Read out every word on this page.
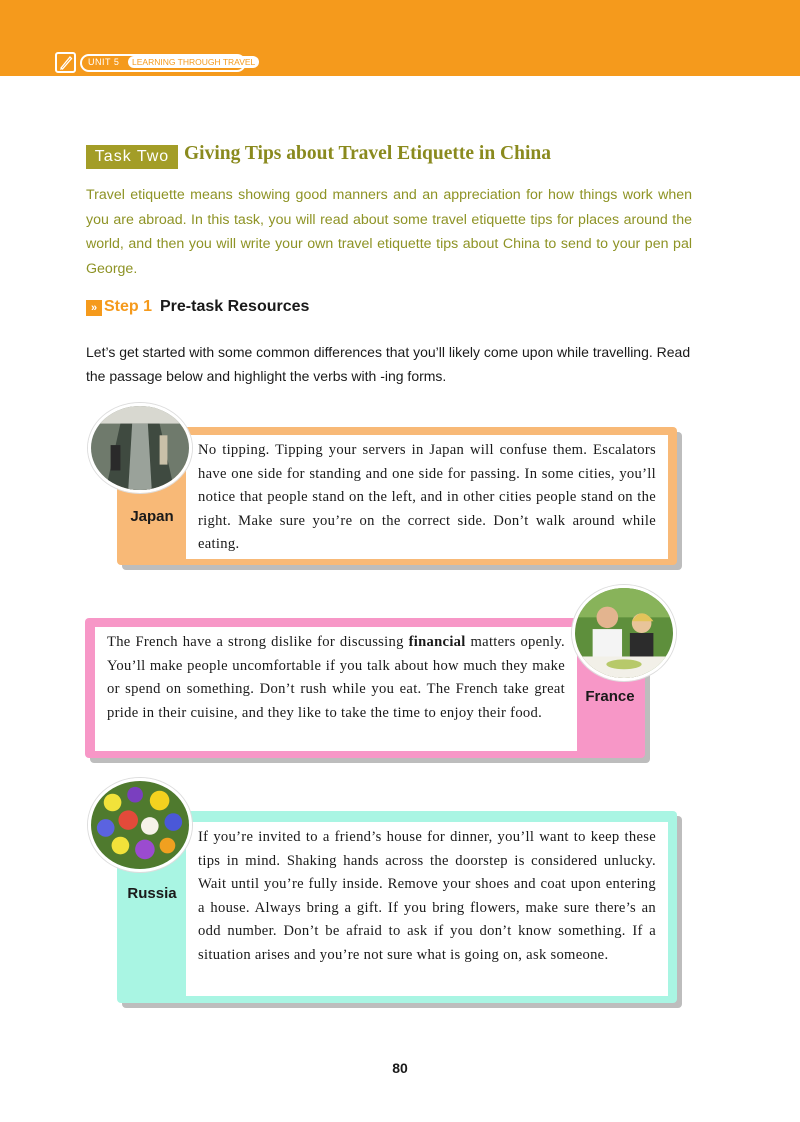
UNIT 5	LEARNING THROUGH TRAVEL
Task Two Giving Tips about Travel Etiquette in China

Travel etiquette means showing good manners and an appreciation for how things work when you are abroad. In this task, you will read about some travel etiquette tips for places around the world, and then you will write your own travel etiquette tips about China to send to your pen pal George.

» Step 1 Pre-task Resources

Let’s get started with some common differences that you’ll likely come upon while travelling. Read the passage below and highlight the verbs with -ing forms.

No tipping. Tipping your servers in Japan will confuse them. Escalators have one side for standing and one side for passing. In some cities, you’ll notice that people stand on the left, and in other cities people stand on the right. Make sure you’re on the correct side. Don’t walk around while eating.

Japan

The French have a strong dislike for discussing financial matters openly. You’ll make people uncomfortable if you talk about how much they make or spend on something. Don’t rush while you eat. The French take great pride in their cuisine, and they like to take the time to enjoy their food.

France

If you’re invited to a friend’s house for dinner, you’ll want to keep these tips in mind. Shaking hands across the doorstep is considered unlucky. Wait until you’re fully inside. Remove your shoes and coat upon entering a house. Always bring a gift. If you bring flowers, make sure there’s an odd number. Don’t be afraid to ask if you don’t know something. If a situation arises and you’re not sure what is going on, ask someone.

Russia
80
